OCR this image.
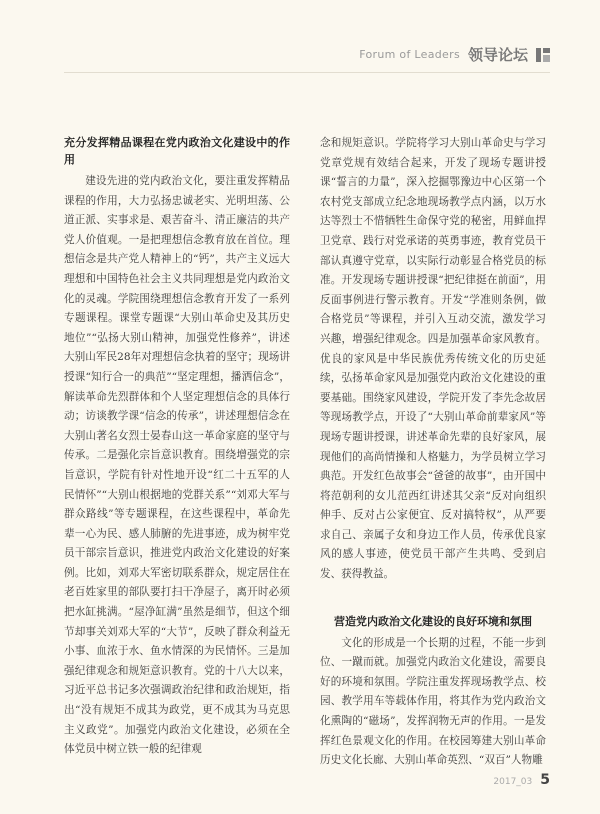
Forum of Leaders 领导论坛

充分发挥精品课程在党内政治文化建设中的作用

建设先进的党内政治文化，要注重发挥精品课程的作用，大力弘扬忠诚老实、光明坦荡、公道正派、实事求是、艰苦奋斗、清正廉洁的共产党人价值观。一是把理想信念教育放在首位。理想信念是共产党人精神上的“钙”，共产主义远大理想和中国特色社会主义共同理想是党内政治文化的灵魂。学院围绕理想信念教育开发了一系列专题课程。课堂专题课“大别山革命史及其历史地位”“弘扬大别山精神，加强党性修养”，讲述大别山军民28年对理想信念执着的坚守；现场讲授课“知行合一的典范”“坚定理想，播洒信念”，解读革命先烈群体和个人坚定理想信念的具体行动；访谈教学课“信念的传承”，讲述理想信念在大别山著名女烈士晏春山这一革命家庭的坚守与传承。二是强化宗旨意识教育。围绕增强党的宗旨意识，学院有针对性地开设“红二十五军的人民情怀”“大别山根据地的党群关系”“刘邓大军与群众路线”等专题课程，在这些课程中，革命先辈一心为民、感人肺腑的先进事迹，成为树牢党员干部宗旨意识，推进党内政治文化建设的好案例。比如，刘邓大军密切联系群众，规定居住在老百姓家里的部队要打扫干净屋子，离开时必须把水缸挑满。“屋净缸满”虽然是细节，但这个细节却事关刘邓大军的“大节”，反映了群众利益无小事、血浓于水、鱼水情深的为民情怀。三是加强纪律观念和规矩意识教育。党的十八大以来，习近平总书记多次强调政治纪律和政治规矩，指出“没有规矩不成其为政党，更不成其为马克思主义政党”。加强党内政治文化建设，必须在全体党员中树立铁一般的纪律观

念和规矩意识。学院将学习大别山革命史与学习党章党规有效结合起来，开发了现场专题讲授课“誓言的力量”，深入挖掘鄂豫边中心区第一个农村党支部成立纪念地现场教学点内涵，以万水达等烈士不惜牺牲生命保守党的秘密，用鲜血捍卫党章、践行对党承诺的英勇事迹，教育党员干部认真遵守党章，以实际行动彰显合格党员的标准。开发现场专题讲授课“把纪律挺在前面”，用反面事例进行警示教育。开发“学准则条例，做合格党员”等课程，并引入互动交流，激发学习兴趣，增强纪律观念。四是加强革命家风教育。优良的家风是中华民族优秀传统文化的历史延续，弘扬革命家风是加强党内政治文化建设的重要基础。围绕家风建设，学院开发了李先念故居等现场教学点，开设了“大别山革命前辈家风”等现场专题讲授课，讲述革命先辈的良好家风，展现他们的高尚情操和人格魅力，为学员树立学习典范。开发红色故事会“爸爸的故事”，由开国中将范朝利的女儿范西红讲述其父亲“反对向组织伸手、反对占公家便宜、反对搞特权”，从严要求自己、亲属子女和身边工作人员，传承优良家风的感人事迹，使党员干部产生共鸣、受到启发、获得教益。

营造党内政治文化建设的良好环境和氛围

文化的形成是一个长期的过程，不能一步到位、一蹴而就。加强党内政治文化建设，需要良好的环境和氛围。学院注重发挥现场教学点、校园、教学用车等载体作用，将其作为党内政治文化熏陶的“磁场”，发挥润物无声的作用。一是发挥红色景观文化的作用。在校园筹建大别山革命历史文化长廊、大别山革命英烈、“双百”人物雕

2017_03 5
